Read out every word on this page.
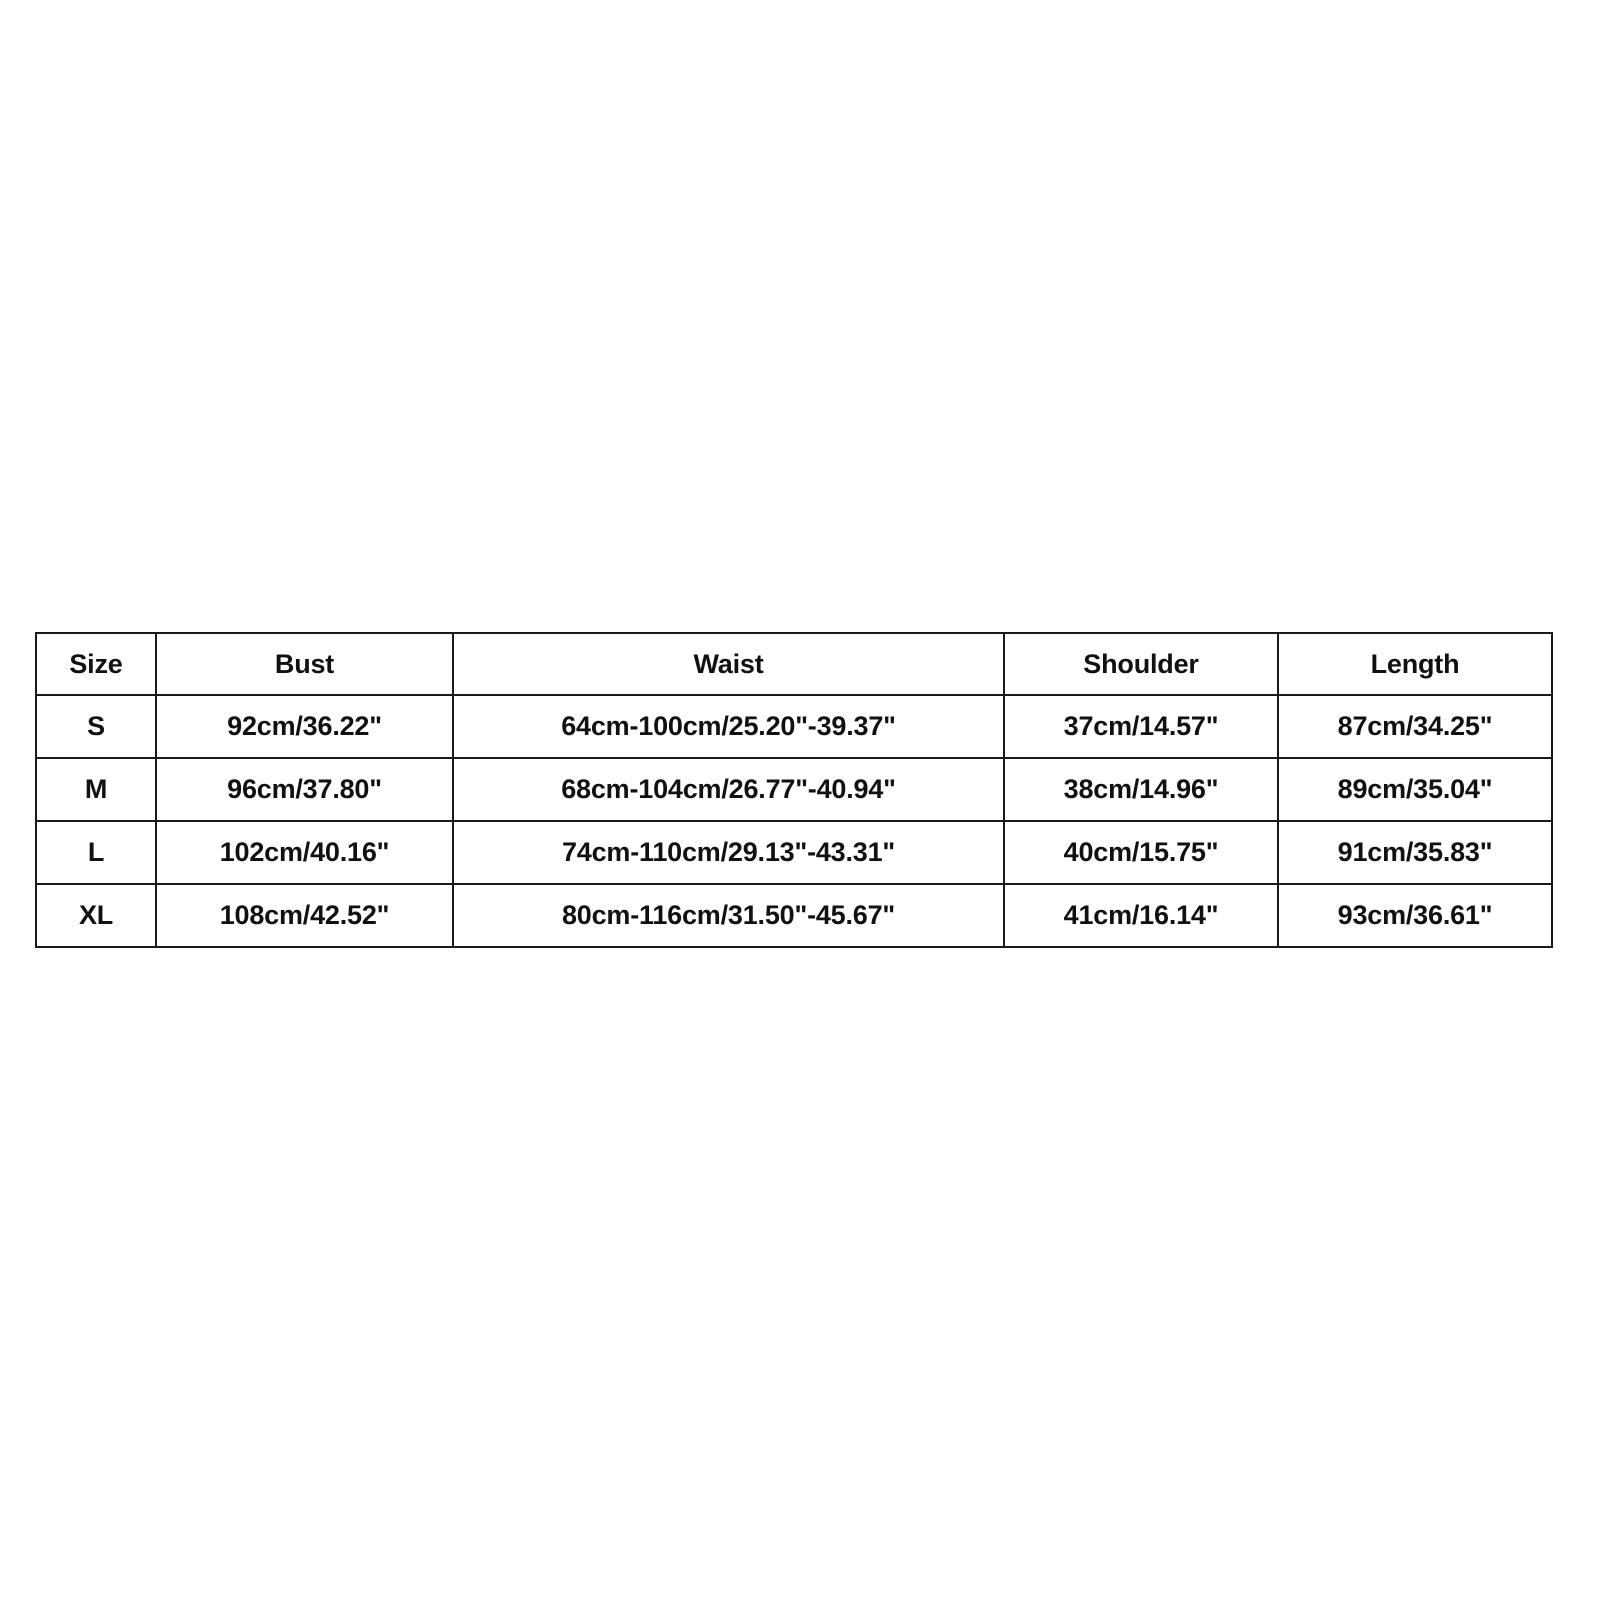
Size	Bust	Waist	Shoulder	Length
S	92cm/36.22"	64cm-100cm/25.20"-39.37"	37cm/14.57"	87cm/34.25"
M	96cm/37.80"	68cm-104cm/26.77"-40.94"	38cm/14.96"	89cm/35.04"
L	102cm/40.16"	74cm-110cm/29.13"-43.31"	40cm/15.75"	91cm/35.83"
XL	108cm/42.52"	80cm-116cm/31.50"-45.67"	41cm/16.14"	93cm/36.61"
